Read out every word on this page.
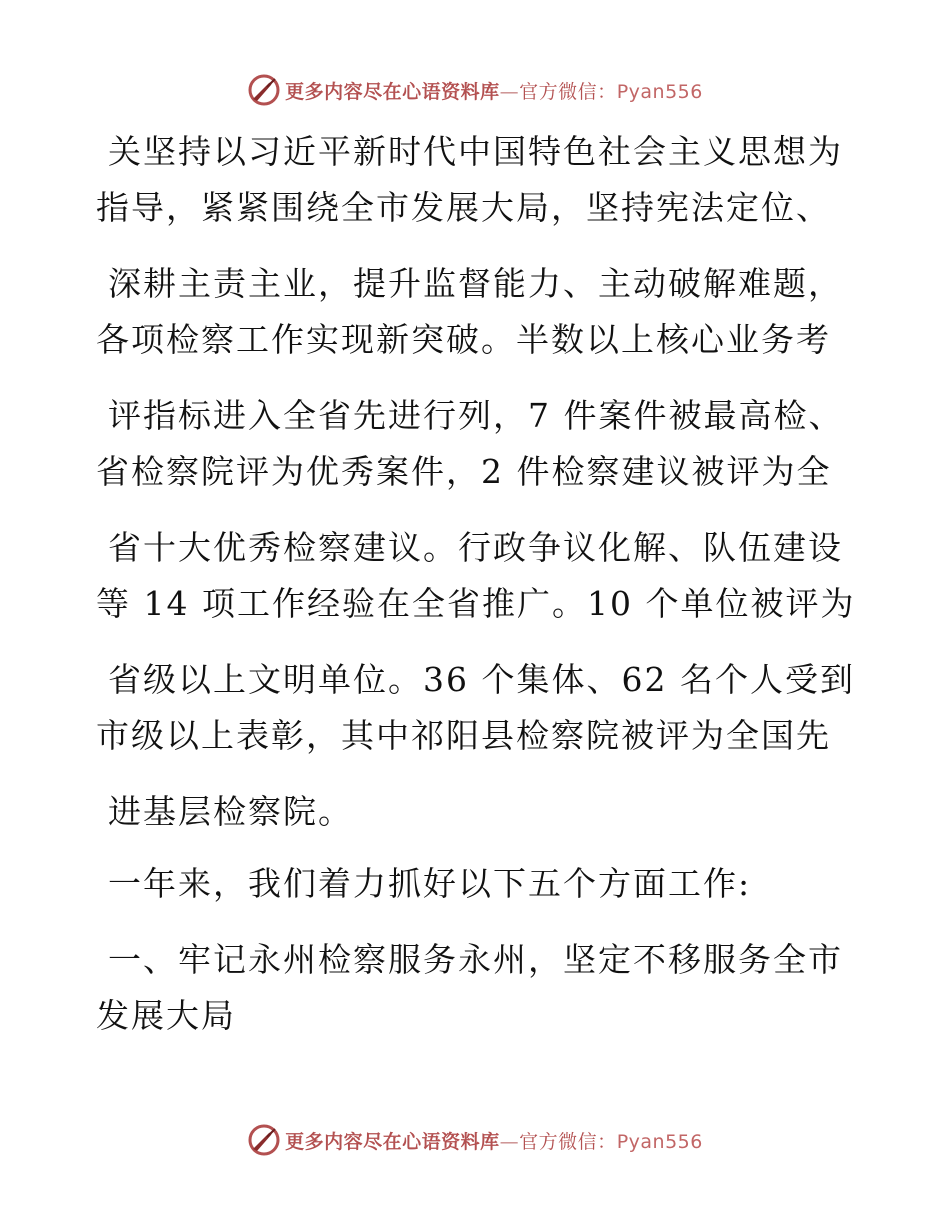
更多内容尽在心语资料库—官方微信：Pyan556
关坚持以习近平新时代中国特色社会主义思想为
指导，紧紧围绕全市发展大局，坚持宪法定位、
深耕主责主业，提升监督能力、主动破解难题，
各项检察工作实现新突破。半数以上核心业务考
评指标进入全省先进行列，7 件案件被最高检、
省检察院评为优秀案件，2 件检察建议被评为全
省十大优秀检察建议。行政争议化解、队伍建设
等 14 项工作经验在全省推广。10 个单位被评为
省级以上文明单位。36 个集体、62 名个人受到
市级以上表彰，其中祁阳县检察院被评为全国先
进基层检察院。
一年来，我们着力抓好以下五个方面工作:
一、牢记永州检察服务永州，坚定不移服务全市
发展大局
更多内容尽在心语资料库—官方微信：Pyan556
